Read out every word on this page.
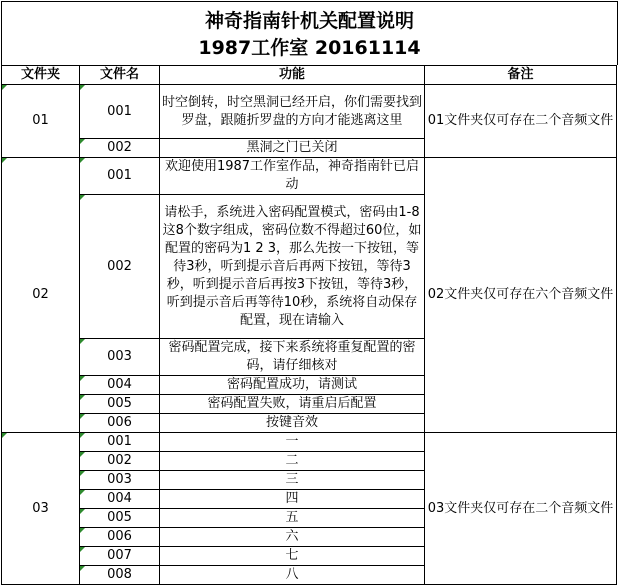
神奇指南针机关配置说明
1987工作室 20161114
文件夹	文件名	功能	备注
01	001	时空倒转，时空黑洞已经开启，你们需要找到罗盘，跟随折罗盘的方向才能逃离这里	01文件夹仅可存在二个音频文件
	002	黑洞之门已关闭	
02	001	欢迎使用1987工作室作品，神奇指南针已启动	02文件夹仅可存在六个音频文件
	002	请松手，系统进入密码配置模式，密码由1-8这8个数字组成，密码位数不得超过60位，如配置的密码为1 2 3，那么先按一下按钮，等待3秒，听到提示音后再两下按钮，等待3秒，听到提示音后再按3下按钮，等待3秒，听到提示音后再等待10秒，系统将自动保存配置，现在请输入	
	003	密码配置完成，接下来系统将重复配置的密码，请仔细核对	
	004	密码配置成功，请测试	
	005	密码配置失败，请重启后配置	
	006	按键音效	
03	001	一	03文件夹仅可存在二个音频文件
	002	二	
	003	三	
	004	四	
	005	五	
	006	六	
	007	七	
	008	八	
